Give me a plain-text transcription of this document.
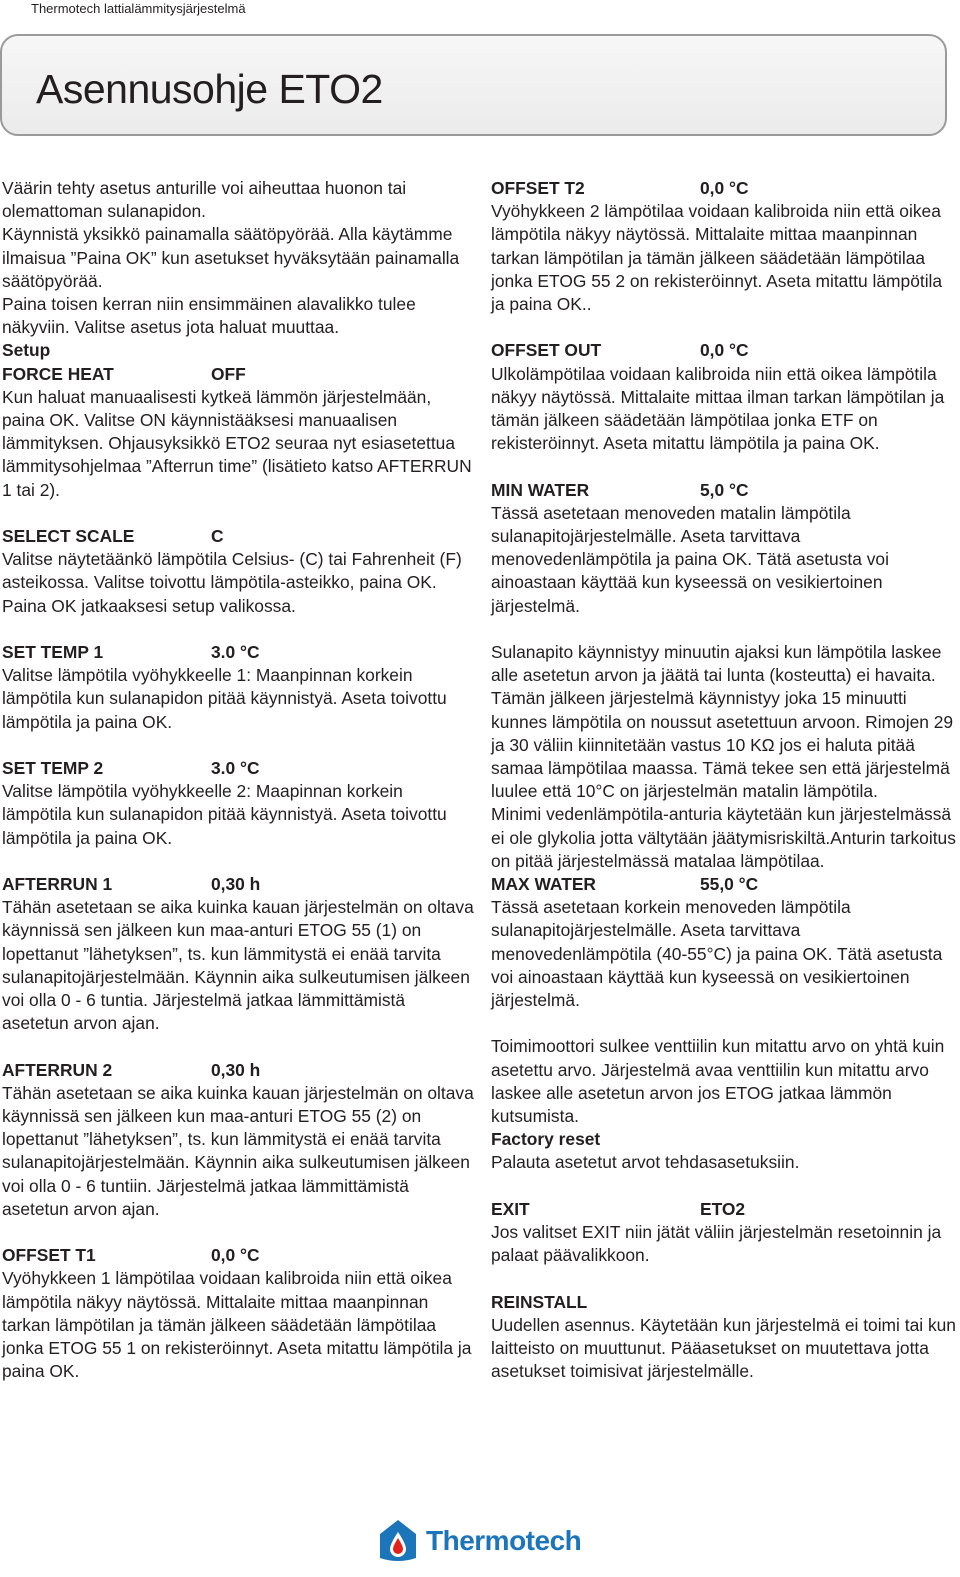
Thermotech lattialämmitysjärjestelmä
Asennusohje ETO2

Väärin tehty asetus anturille voi aiheuttaa huonon tai olemattoman sulanapidon.

Käynnistä yksikkö painamalla säätöpyörää. Alla käytämme ilmaisua ”Paina OK” kun asetukset hyväksytään painamalla säätöpyörää.

Paina toisen kerran niin ensimmäinen alavalikko tulee näkyviin. Valitse asetus jota haluat muuttaa.

Setup

FORCE HEAT	OFF

Kun haluat manuaalisesti kytkeä lämmön järjestelmään, paina OK. Valitse ON käynnistääksesi manuaalisen lämmityksen. Ohjausyksikkö ETO2 seuraa nyt esiasetettua lämmitysohjelmaa ”Afterrun time” (lisätieto katso AFTERRUN 1 tai 2).

SELECT SCALE	C

Valitse näytetäänkö lämpötila Celsius- (C) tai Fahrenheit (F) asteikossa. Valitse toivottu lämpötila-asteikko, paina OK. Paina OK jatkaaksesi setup valikossa.

SET TEMP 1	3.0 °C

Valitse lämpötila vyöhykkeelle 1: Maanpinnan korkein lämpötila kun sulanapidon pitää käynnistyä. Aseta toivottu lämpötila ja paina OK.

SET TEMP 2	3.0 °C

Valitse lämpötila vyöhykkeelle 2: Maapinnan korkein lämpötila kun sulanapidon pitää käynnistyä. Aseta toivottu lämpötila ja paina OK.

AFTERRUN 1	0,30 h

Tähän asetetaan se aika kuinka kauan järjestelmän on oltava käynnissä sen jälkeen kun maa-anturi ETOG 55 (1) on lopettanut ”lähetyksen”, ts. kun lämmitystä ei enää tarvita sulanapitojärjestelmään. Käynnin aika sulkeutumisen jälkeen voi olla 0 - 6 tuntia. Järjestelmä jatkaa lämmittämistä asetetun arvon ajan.

AFTERRUN 2	0,30 h

Tähän asetetaan se aika kuinka kauan järjestelmän on oltava käynnissä sen jälkeen kun maa-anturi ETOG 55 (2) on lopettanut ”lähetyksen”, ts. kun lämmitystä ei enää tarvita sulanapitojärjestelmään. Käynnin aika sulkeutumisen jälkeen voi olla 0 - 6 tuntiin. Järjestelmä jatkaa lämmittämistä asetetun arvon ajan.

OFFSET T1	0,0 °C

Vyöhykkeen 1 lämpötilaa voidaan kalibroida niin että oikea lämpötila näkyy näytössä. Mittalaite mittaa maanpinnan tarkan lämpötilan ja tämän jälkeen säädetään lämpötilaa jonka ETOG 55 1 on rekisteröinnyt. Aseta mitattu lämpötila ja paina OK.

OFFSET T2	0,0 °C

Vyöhykkeen 2 lämpötilaa voidaan kalibroida niin että oikea lämpötila näkyy näytössä. Mittalaite mittaa maanpinnan tarkan lämpötilan ja tämän jälkeen säädetään lämpötilaa jonka ETOG 55 2 on rekisteröinnyt. Aseta mitattu lämpötila ja paina OK..

OFFSET OUT	0,0 °C

Ulkolämpötilaa voidaan kalibroida niin että oikea lämpötila näkyy näytössä. Mittalaite mittaa ilman tarkan lämpötilan ja tämän jälkeen säädetään lämpötilaa jonka ETF on rekisteröinnyt. Aseta mitattu lämpötila ja paina OK.

MIN WATER	5,0 °C

Tässä asetetaan menoveden matalin lämpötila sulanapitojärjestelmälle. Aseta tarvittava menovedenlämpötila ja paina OK. Tätä asetusta voi ainoastaan käyttää kun kyseessä on vesikiertoinen järjestelmä.

Sulanapito käynnistyy minuutin ajaksi kun lämpötila laskee alle asetetun arvon ja jäätä tai lunta (kosteutta) ei havaita. Tämän jälkeen järjestelmä käynnistyy joka 15 minuutti kunnes lämpötila on noussut asetettuun arvoon. Rimojen 29 ja 30 väliin kiinnitetään vastus 10 KΩ jos ei haluta pitää samaa lämpötilaa maassa. Tämä tekee sen että järjestelmä luulee että 10°C on järjestelmän matalin lämpötila.

Minimi vedenlämpötila-anturia käytetään kun järjestelmässä ei ole glykolia jotta vältytään jäätymisriskiltä.Anturin tarkoitus on pitää järjestelmässä matalaa lämpötilaa.

MAX WATER	55,0 °C

Tässä asetetaan korkein menoveden lämpötila sulanapitojärjestelmälle. Aseta tarvittava menovedenlämpötila (40-55°C) ja paina OK. Tätä asetusta voi ainoastaan käyttää kun kyseessä on vesikiertoinen järjestelmä.

Toimimoottori sulkee venttiilin kun mitattu arvo on yhtä kuin asetettu arvo. Järjestelmä avaa venttiilin kun mitattu arvo laskee alle asetetun arvon jos ETOG jatkaa lämmön kutsumista.

Factory reset

Palauta asetetut arvot tehdasasetuksiin.

EXIT	ETO2

Jos valitset EXIT niin jätät väliin järjestelmän resetoinnin ja palaat päävalikkoon.

REINSTALL

Uudellen asennus. Käytetään kun järjestelmä ei toimi tai kun laitteisto on muuttunut. Pääasetukset on muutettava jotta asetukset toimisivat järjestelmälle.

Thermotech
